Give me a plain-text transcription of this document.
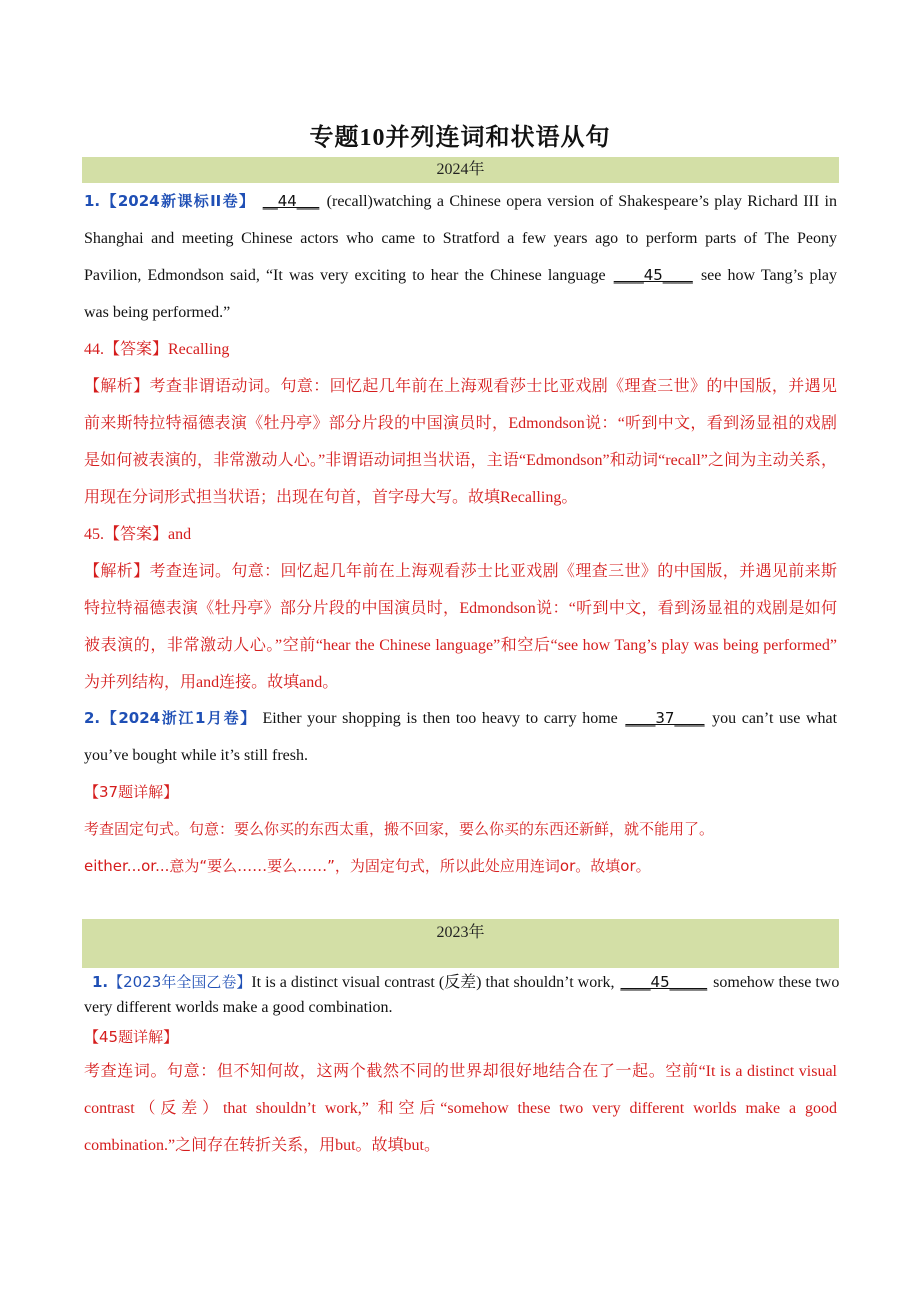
专题10并列连词和状语从句
2024年
1.【2024新课标II卷】 __44___ (recall)watching a Chinese opera version of Shakespeare’s play Richard III in
Shanghai and meeting Chinese actors who came to Stratford a few years ago to perform parts of The Peony
Pavilion, Edmondson said, “It was very exciting to hear the Chinese language ____45____ see how Tang’s play
was being performed.”
44.【答案】Recalling
【解析】考查非谓语动词。句意：回忆起几年前在上海观看莎士比亚戏剧《理查三世》的中国版，并遇见
前来斯特拉特福德表演《牡丹亭》部分片段的中国演员时，Edmondson说：“听到中文，看到汤显祖的戏剧
是如何被表演的，非常激动人心。”非谓语动词担当状语，主语“Edmondson”和动词“recall”之间为主动关系，
用现在分词形式担当状语；出现在句首，首字母大写。故填Recalling。
45.【答案】and
【解析】考查连词。句意：回忆起几年前在上海观看莎士比亚戏剧《理查三世》的中国版，并遇见前来斯
特拉特福德表演《牡丹亭》部分片段的中国演员时，Edmondson说：“听到中文，看到汤显祖的戏剧是如何
被表演的，非常激动人心。”空前“hear the Chinese language”和空后“see how Tang’s play was being performed”
为并列结构，用and连接。故填and。
2.【2024浙江1月卷】 Either your shopping is then too heavy to carry home ____37____ you can’t use what
you’ve bought while it’s still fresh.
【37题详解】
考查固定句式。句意：要么你买的东西太重，搬不回家，要么你买的东西还新鲜，就不能用了。
either...or...意为“要么……要么……”，为固定句式，所以此处应用连词or。故填or。
2023年
1.【2023年全国乙卷】It is a distinct visual contrast (反差) that shouldn’t work, ____45_____ somehow these two
very different worlds make a good combination.
【45题详解】
考查连词。句意：但不知何故，这两个截然不同的世界却很好地结合在了一起。空前“It is a distinct visual
contrast（反差）that shouldn’t work,” 和空后“somehow these two very different worlds make a good
combination.”之间存在转折关系，用but。故填but。
